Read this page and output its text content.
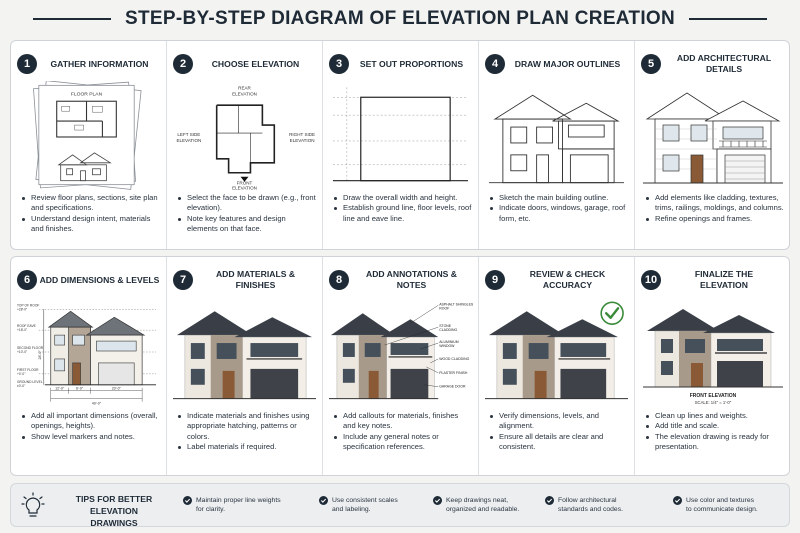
STEP-BY-STEP DIAGRAM OF ELEVATION PLAN CREATION
1	GATHER INFORMATION
FLOOR PLAN
Review floor plans, sections, site plan and specifications.
Understand design intent, materials and finishes.
2	CHOOSE ELEVATION
REAR
ELEVATION
LEFT SIDE
ELEVATION
RIGHT SIDE
ELEVATION
FRONT
ELEVATION
Select the face to be drawn (e.g., front elevation).
Note key features and design elements on that face.
3	SET OUT PROPORTIONS
Draw the overall width and height.
Establish ground line, floor levels, roof line and eave line.
4	DRAW MAJOR OUTLINES
Sketch the main building outline.
Indicate doors, windows, garage, roof form, etc.
5	ADD ARCHITECTURAL
DETAILS
Add elements like cladding, textures, trims, railings, moldings, and columns.
Refine openings and frames.
6	ADD DIMENSIONS & LEVELS
TOP OF ROOF
+28'-0"
ROOF EAVE
+18'-0"
SECOND FLOOR
+10'-0"
FIRST FLOOR
+0'-0"
GROUND LEVEL
±0'-0"
28'-0"
12'-0"	6'-0"	20'-0"
40'-0"
Add all important dimensions (overall, openings, heights).
Show level markers and notes.
7	ADD MATERIALS &
FINISHES
Indicate materials and finishes using appropriate hatching, patterns or colors.
Label materials if required.
8	ADD ANNOTATIONS &
NOTES
ASPHALT SHINGLES
ROOF
STONE
CLADDING
ALUMINIUM
WINDOW
WOOD CLADDING
PLASTER FINISH
GARAGE DOOR
Add callouts for materials, finishes and key notes.
Include any general notes or specification references.
9	REVIEW & CHECK
ACCURACY
Verify dimensions, levels, and alignment.
Ensure all details are clear and consistent.
10	FINALIZE THE
ELEVATION
FRONT ELEVATION
SCALE: 1/4" = 1'-0"
Clean up lines and weights.
Add title and scale.
The elevation drawing is ready for presentation.
TIPS FOR BETTER ELEVATION
DRAWINGS
Maintain proper line weights
for clarity.
Use consistent scales
and labeling.
Keep drawings neat,
organized and readable.
Follow architectural
standards and codes.
Use color and textures
to communicate design.
